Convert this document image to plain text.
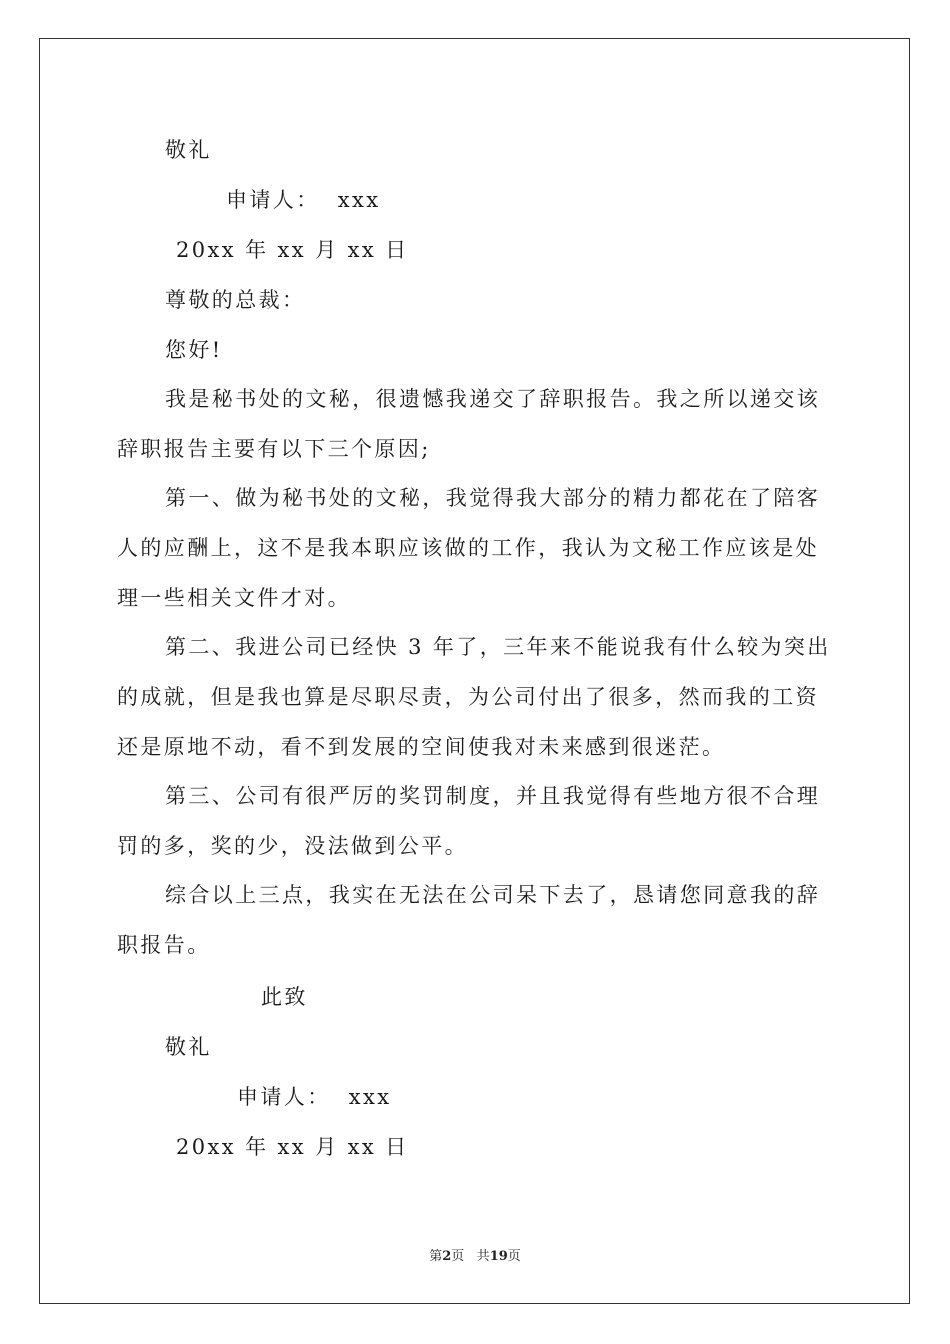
敬礼
申请人：  xxx
20xx 年 xx 月 xx 日
尊敬的总裁：
您好!
我是秘书处的文秘，很遗憾我递交了辞职报告。我之所以递交该
辞职报告主要有以下三个原因;
第一、做为秘书处的文秘，我觉得我大部分的精力都花在了陪客
人的应酬上，这不是我本职应该做的工作，我认为文秘工作应该是处
理一些相关文件才对。
第二、我进公司已经快 3 年了，三年来不能说我有什么较为突出
的成就，但是我也算是尽职尽责，为公司付出了很多，然而我的工资
还是原地不动，看不到发展的空间使我对未来感到很迷茫。
第三、公司有很严厉的奖罚制度，并且我觉得有些地方很不合理
罚的多，奖的少，没法做到公平。
综合以上三点，我实在无法在公司呆下去了，恳请您同意我的辞
职报告。
此致
敬礼
申请人：  xxx
20xx 年 xx 月 xx 日
第2页 共19页
